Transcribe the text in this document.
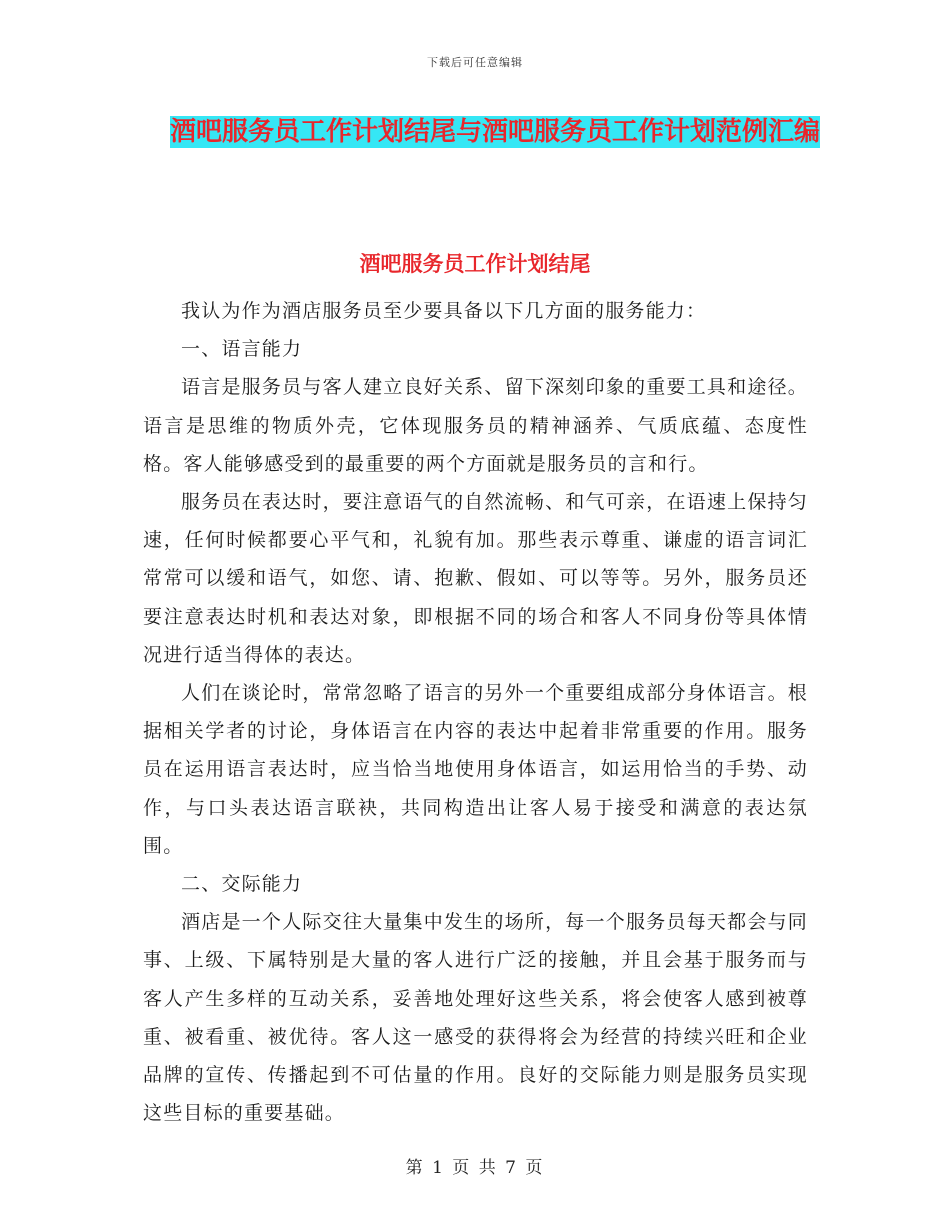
下载后可任意编辑
酒吧服务员工作计划结尾与酒吧服务员工作计划范例汇编
酒吧服务员工作计划结尾

我认为作为酒店服务员至少要具备以下几方面的服务能力：

一、语言能力

语言是服务员与客人建立良好关系、留下深刻印象的重要工具和途径。语言是思维的物质外壳，它体现服务员的精神涵养、气质底蕴、态度性格。客人能够感受到的最重要的两个方面就是服务员的言和行。

服务员在表达时，要注意语气的自然流畅、和气可亲，在语速上保持匀速，任何时候都要心平气和，礼貌有加。那些表示尊重、谦虚的语言词汇常常可以缓和语气，如您、请、抱歉、假如、可以等等。另外，服务员还要注意表达时机和表达对象，即根据不同的场合和客人不同身份等具体情况进行适当得体的表达。

人们在谈论时，常常忽略了语言的另外一个重要组成部分身体语言。根据相关学者的讨论，身体语言在内容的表达中起着非常重要的作用。服务员在运用语言表达时，应当恰当地使用身体语言，如运用恰当的手势、动作，与口头表达语言联袂，共同构造出让客人易于接受和满意的表达氛围。

二、交际能力

酒店是一个人际交往大量集中发生的场所，每一个服务员每天都会与同事、上级、下属特别是大量的客人进行广泛的接触，并且会基于服务而与客人产生多样的互动关系，妥善地处理好这些关系，将会使客人感到被尊重、被看重、被优待。客人这一感受的获得将会为经营的持续兴旺和企业品牌的宣传、传播起到不可估量的作用。良好的交际能力则是服务员实现这些目标的重要基础。

第 1 页 共 7 页
